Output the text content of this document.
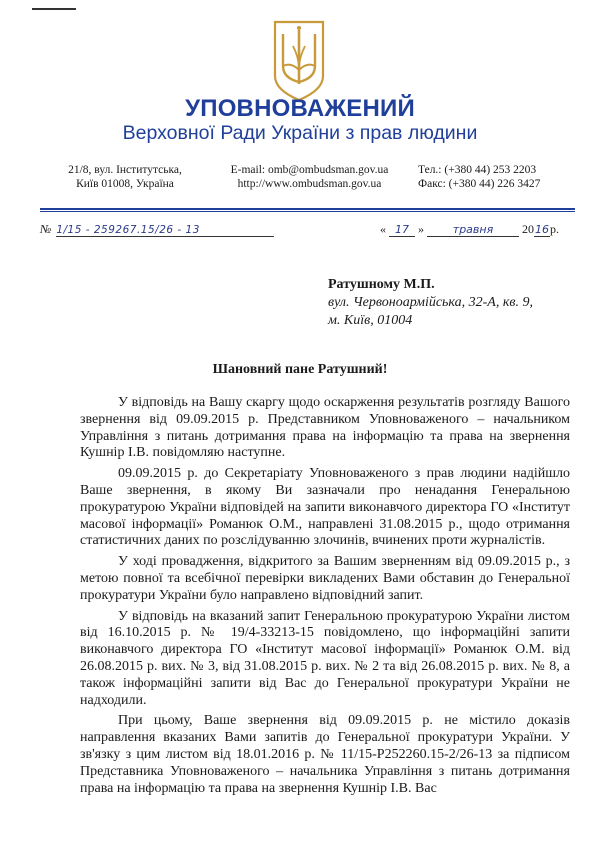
УПОВНОВАЖЕНИЙ
Верховної Ради України з прав людини
21/8, вул. Інститутська,
Київ 01008, Україна
E-mail: omb@ombudsman.gov.ua
http://www.ombudsman.gov.ua
Тел.: (+380 44) 253 2203
Факс: (+380 44) 226 3427
№ 1/15 - 259267.15/26 - 13	« 17 »	травня 2016р.
Ратушному М.П.
вул. Червоноармійська, 32-А, кв. 9,
м. Київ, 01004
Шановний пане Ратушний!

У відповідь на Вашу скаргу щодо оскарження результатів розгляду Вашого звернення від 09.09.2015 р. Представником Уповноваженого – начальником Управління з питань дотримання права на інформацію та права на звернення Кушнір І.В. повідомляю наступне.

09.09.2015 р. до Секретаріату Уповноваженого з прав людини надійшло Ваше звернення, в якому Ви зазначали про ненадання Генеральною прокуратурою України відповідей на запити виконавчого директора ГО «Інститут масової інформації» Романюк О.М., направлені 31.08.2015 р., щодо отримання статистичних даних по розслідуванню злочинів, вчинених проти журналістів.

У ході провадження, відкритого за Вашим зверненням від 09.09.2015 р., з метою повної та всебічної перевірки викладених Вами обставин до Генеральної прокуратури України було направлено відповідний запит.

У відповідь на вказаний запит Генеральною прокуратурою України листом від 16.10.2015 р. № 19/4-33213-15 повідомлено, що інформаційні запити виконавчого директора ГО «Інститут масової інформації» Романюк О.М. від 26.08.2015 р. вих. № 3, від 31.08.2015 р. вих. № 2 та від 26.08.2015 р. вих. № 8, а також інформаційні запити від Вас до Генеральної прокуратури України не надходили.

При цьому, Ваше звернення від 09.09.2015 р. не містило доказів направлення вказаних Вами запитів до Генеральної прокуратури України. У зв'язку з цим листом від 18.01.2016 р. № 11/15-Р252260.15-2/26-13 за підписом Представника Уповноваженого – начальника Управління з питань дотримання права на інформацію та права на звернення Кушнір І.В. Вас
